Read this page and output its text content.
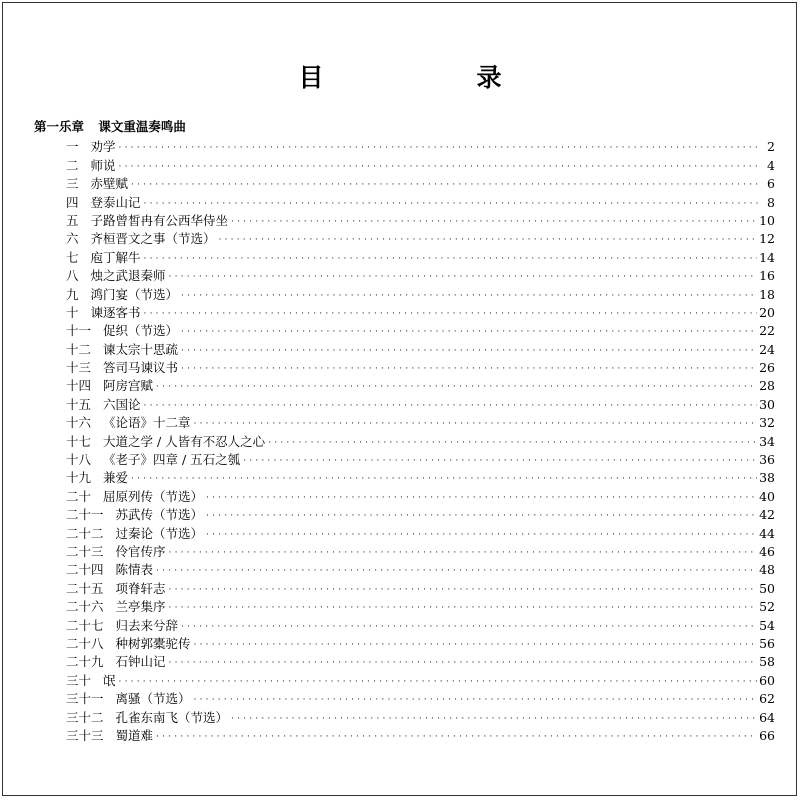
目　录
第一乐章 课文重温奏鸣曲
一 劝学 ·····	2
二 师说 ·····	4
三 赤壁赋 ·····	6
四 登泰山记 ·····	8
五 子路曾皙冉有公西华侍坐 ·····	10
六 齐桓晋文之事（节选） ·····	12
七 庖丁解牛 ·····	14
八 烛之武退秦师 ·····	16
九 鸿门宴（节选） ·····	18
十 谏逐客书 ·····	20
十一 促织（节选） ·····	22
十二 谏太宗十思疏 ·····	24
十三 答司马谏议书 ·····	26
十四 阿房宫赋 ·····	28
十五 六国论 ·····	30
十六 《论语》十二章 ·····	32
十七 大道之学 / 人皆有不忍人之心 ·····	34
十八 《老子》四章 / 五石之瓠 ·····	36
十九 兼爱 ·····	38
二十 屈原列传（节选） ·····	40
二十一 苏武传（节选） ·····	42
二十二 过秦论（节选） ·····	44
二十三 伶官传序 ·····	46
二十四 陈情表 ·····	48
二十五 项脊轩志 ·····	50
二十六 兰亭集序 ·····	52
二十七 归去来兮辞 ·····	54
二十八 种树郭橐驼传 ·····	56
二十九 石钟山记 ·····	58
三十 氓 ·····	60
三十一 离骚（节选） ·····	62
三十二 孔雀东南飞（节选） ·····	64
三十三 蜀道难 ·····	66
